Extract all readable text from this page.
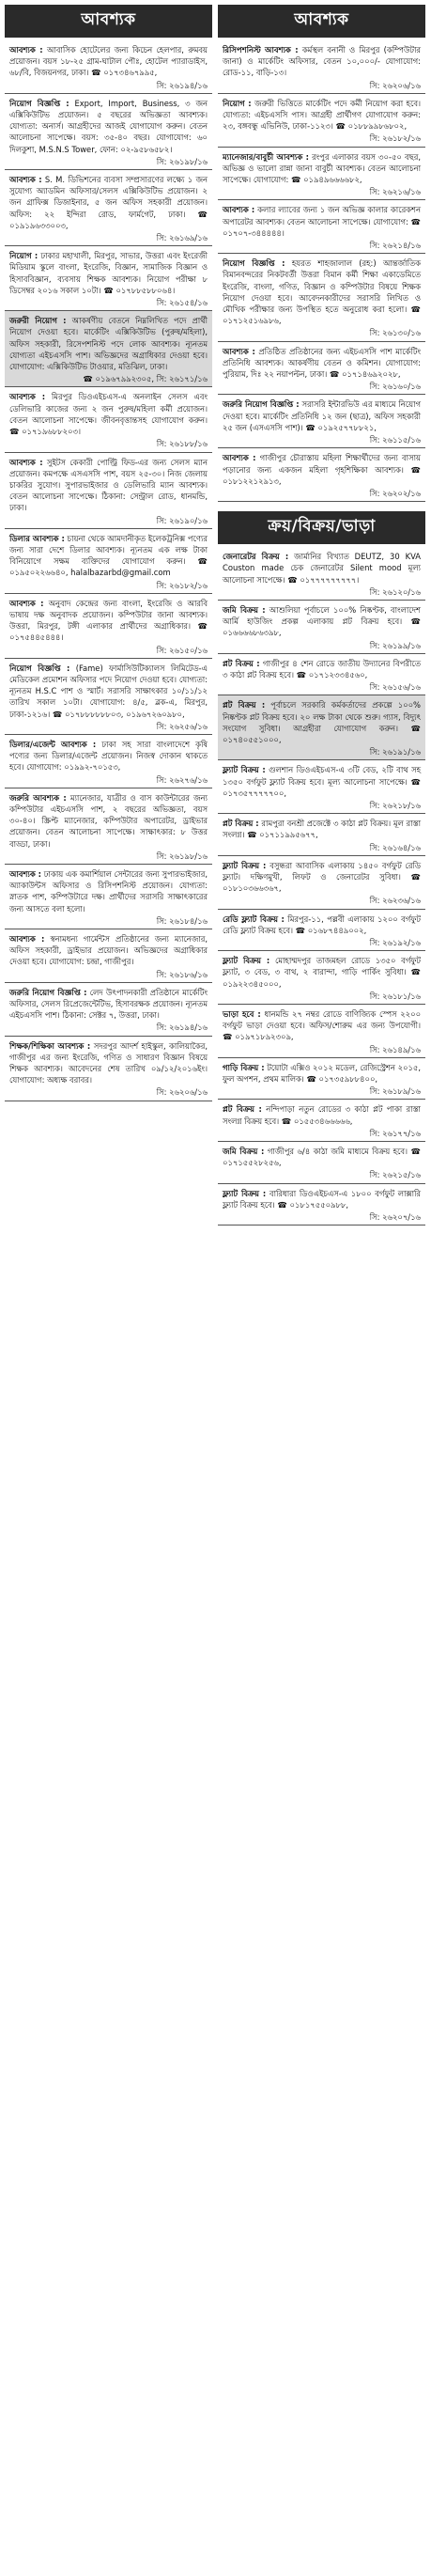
আবশ্যক
আবশ্যক : আবাসিক হোটেলের জন্য কিচেন হেলপার, রুমবয় প্রয়োজন। বয়স ১৮-২৫ গ্রাম-ঘাটাল পৌঃ, হোটেল প্যারাডাইস, ৬৮/বি, বিজয়নগর, ঢাকা। ☎ ০১৭৩৪৬৭৯৯৫,
সি: ২৬১৯৪/১৬
নিয়োগ বিজ্ঞপ্তি : Export, Import, Business, ৩ জন এক্সিকিউটিভ প্রয়োজন। ৫ বছরের অভিজ্ঞতা আবশ্যক। যোগ্যতা: অনার্স। আগ্রহীদের আজই যোগাযোগ করুন। বেতন আলোচনা সাপেক্ষে। বয়স: ৩৫-৪০ বছর। যোগাযোগ: ৬০ দিলকুশা, M.S.N.S Tower, ফোন: ০২-৯৫৮৬৫৮২।
সি: ২৬১৯৮/১৬
আবশ্যক : S. M. ডিভিশনের ব্যবসা সম্প্রসারণের লক্ষ্যে ১ জন সুযোগ্য অ্যাডমিন অফিসার/সেলস এক্সিকিউটিভ প্রয়োজন। ২ জন গ্রাফিক্স ডিজাইনার, ৫ জন অফিস সহকারী প্রয়োজন। অফিস: ২২ ইন্দিরা রোড, ফার্মগেট, ঢাকা। ☎ ০১৯১৯৬৩৩০০৩,
সি: ২৬১৬৯/১৬
নিয়োগ : ঢাকার মহাখালী, মিরপুর, সাভার, উত্তরা এবং ইংরেজী মিডিয়াম স্কুলে বাংলা, ইংরেজি, বিজ্ঞান, সামাজিক বিজ্ঞান ও হিসাববিজ্ঞান, ব্যবসায় শিক্ষক আবশ্যক। নিয়োগ পরীক্ষা ৮ ডিসেম্বর ২০১৬ সকাল ১০টা। ☎ ০১৭৮৮৫৮৮০৬৪।
সি: ২৬১৫৪/১৬
জরুরী নিয়োগ : আকর্ষণীয় বেতনে নিম্নলিখিত পদে প্রার্থী নিয়োগ দেওয়া হবে। মার্কেটিং এক্সিকিউটিভ (পুরুষ/মহিলা), অফিস সহকারী, রিসেপশনিস্ট পদে লোক আবশ্যক। ন্যূনতম যোগ্যতা এইচএসসি পাশ। অভিজ্ঞদের অগ্রাধিকার দেওয়া হবে। যোগাযোগ: এক্সিকিউটিভ টাওয়ার, মতিঝিল, ঢাকা।
☎ ০১৯৬৭৯৯২৩০৫, সি: ২৬১৭১/১৬
আবশ্যক : মিরপুর ডিওএইচএস-এ অনলাইন সেলস এবং ডেলিভারি কাজের জন্য ২ জন পুরুষ/মহিলা কর্মী প্রয়োজন। বেতন আলোচনা সাপেক্ষে। জীবনবৃত্তান্তসহ যোগাযোগ করুন। ☎ ০১৭১৯৬৮৮২০৩।
সি: ২৬১৮৮/১৬
আবশ্যক : সুইটস কেকারী পোল্ট্রি ফিড-এর জন্য সেলস ম্যান প্রয়োজন। কমপক্ষে এসএসসি পাশ, বয়স ২৫-৩০। নিজ জেলায় চাকরির সুযোগ। সুপারভাইজার ও ডেলিভারি ম্যান আবশ্যক। বেতন আলোচনা সাপেক্ষে। ঠিকানা: সেন্ট্রাল রোড, ধানমন্ডি, ঢাকা।
সি: ২৬১৯০/১৬
ডিলার আবশ্যক : চায়না থেকে আমদানীকৃত ইলেকট্রনিক্স পণ্যের জন্য সারা দেশে ডিলার আবশ্যক। ন্যূনতম এক লক্ষ টাকা বিনিয়োগে সক্ষম ব্যক্তিদের যোগাযোগ করুন। ☎ ০১৯৫০২২৬৬৪০, halalbazarbd@gmail.com
সি: ২৬১৮২/১৬
আবশ্যক : অনুবাদ কেন্দ্রের জন্য বাংলা, ইংরেজি ও আরবি ভাষায় দক্ষ অনুবাদক প্রয়োজন। কম্পিউটার জানা আবশ্যক। উত্তরা, মিরপুর, টঙ্গী এলাকার প্রার্থীদের অগ্রাধিকার। ☎ ০১৭৫৪৪৫৪৪৪।
সি: ২৬১৫০/১৬
নিয়োগ বিজ্ঞপ্তি : (Fame) ফার্মাসিউটিক্যালস লিমিটেড-এ মেডিকেল প্রমোশন অফিসার পদে নিয়োগ দেওয়া হবে। যোগ্যতা: ন্যূনতম H.S.C পাশ ও স্মার্ট। সরাসরি সাক্ষাৎকার ১০/১১/১২ তারিখ সকাল ১০টা। যোগাযোগ: ৪/৫, ব্লক-এ, মিরপুর, ঢাকা-১২১৬। ☎ ০১৭৮৮৮৮৮৮০৩, ০১৯৬৭২৬০৯৮০,
সি: ২৬২৫৬/১৬
ডিলার/এজেন্ট আবশ্যক : ঢাকা সহ সারা বাংলাদেশে কৃষি পণ্যের জন্য ডিলার/এজেন্ট প্রয়োজন। নিজস্ব দোকান থাকতে হবে। যোগাযোগ: ০১৯৯২-৭০১৫৩,
সি: ২৬২৭৬/১৬
জরুরি আবশ্যক : ম্যানেজার, যাত্রীর ও বাস কাউন্টারের জন্য কম্পিউটার এইচএসসি পাশ, ২ বছরের অভিজ্ঞতা, বয়স ৩০-৪০। স্ক্রিপ্ট ম্যানেজার, কম্পিউটার অপারেটর, ড্রাইভার প্রয়োজন। বেতন আলোচনা সাপেক্ষে। সাক্ষাৎকার: ৮ উত্তর বাড্ডা, ঢাকা।
সি: ২৬১৯৮/১৬
আবশ্যক : ঢাকায় এক কমার্শিয়াল সেন্টারের জন্য সুপারভাইজার, অ্যাকাউন্টস অফিসার ও রিসিপশনিস্ট প্রয়োজন। যোগ্যতা: স্নাতক পাশ, কম্পিউটারে দক্ষ। প্রার্থীদের সরাসরি সাক্ষাৎকারের জন্য আসতে বলা হলো।
সি: ২৬১৮৪/১৬
আবশ্যক : স্বনামধন্য গার্মেন্টস প্রতিষ্ঠানের জন্য ম্যানেজার, অফিস সহকারী, ড্রাইভার প্রয়োজন। অভিজ্ঞদের অগ্রাধিকার দেওয়া হবে। যোগাযোগ: চন্দ্রা, গাজীপুর।
সি: ২৬১৮৬/১৬
জরুরি নিয়োগ বিজ্ঞপ্তি : লেদ উৎপাদনকারী প্রতিষ্ঠানে মার্কেটিং অফিসার, সেলস রিপ্রেজেন্টেটিভ, হিসাবরক্ষক প্রয়োজন। ন্যূনতম এইচএসসি পাশ। ঠিকানা: সেক্টর ৭, উত্তরা, ঢাকা।
সি: ২৬১৯৪/১৬
শিক্ষক/শিক্ষিকা আবশ্যক : সদরপুর আদর্শ হাইস্কুল, কালিয়াকৈর, গাজীপুর এর জন্য ইংরেজি, গণিত ও সাধারণ বিজ্ঞান বিষয়ে শিক্ষক আবশ্যক। আবেদনের শেষ তারিখ ০৯/১২/২০১৬ইং। যোগাযোগ: অধ্যক্ষ বরাবর।
সি: ২৬২০৬/১৬
আবশ্যক
রিসিপশনিস্ট আবশ্যক : কর্মস্থল বনানী ও মিরপুর (কম্পিউটার জানা) ও মার্কেটিং অফিসার, বেতন ১০,০০০/- যোগাযোগ: রোড-১১, বাড়ি-১৩।
সি: ২৬২০৬/১৬
নিয়োগ : জরুরী ভিত্তিতে মার্কেটিং পদে কর্মী নিয়োগ করা হবে। যোগ্যতা: এইচএসসি পাস। আগ্রহী প্রার্থীগণ যোগাযোগ করুন: ২৩, বঙ্গবন্ধু এভিনিউ, ঢাকা-১১২৩। ☎ ০১৮৮৯৯৮৬৮০২,
সি: ২৬১৮২/১৬
ম্যানেজার/বাবুর্চী আবশ্যক : রংপুর এলাকার বয়স ৩০-৫০ বছর, অভিজ্ঞ ও ভালো রান্না জানা বাবুর্চী আবশ্যক। বেতন আলোচনা সাপেক্ষে। যোগাযোগ: ☎ ০১৯৪৯৬৬৬৬৮২,
সি: ২৬২১৬/১৬
আবশ্যক : কলার ল্যাবের জন্য ১ জন অভিজ্ঞ কালার কারেকশন অপারেটর আবশ্যক। বেতন আলোচনা সাপেক্ষে। যোগাযোগ: ☎ ০১৭০৭-৩৪৪৪৪৪।
সি: ২৬২১৪/১৬
নিয়োগ বিজ্ঞপ্তি : হযরত শাহজালাল (রহ:) আন্তর্জাতিক বিমানবন্দরের নিকটবর্তী উত্তরা বিমান কর্মী শিক্ষা একাডেমিতে ইংরেজি, বাংলা, গণিত, বিজ্ঞান ও কম্পিউটার বিষয়ে শিক্ষক নিয়োগ দেওয়া হবে। আবেদনকারীদের সরাসরি লিখিত ও মৌখিক পরীক্ষার জন্য উপস্থিত হতে অনুরোধ করা হলো। ☎ ০১৭১২৫১৬৯৮৬,
সি: ২৬১৩০/১৬
আবশ্যক : প্রতিষ্ঠিত প্রতিষ্ঠানের জন্য এইচএসসি পাশ মার্কেটিং প্রতিনিধি আবশ্যক। আকর্ষণীয় বেতন ও কমিশন। যোগাযোগ: পুরিয়াম, দিঃ ২২ নয়াপল্টন, ঢাকা। ☎ ০১৭১৪৬৯২০২৮,
সি: ২৬১৬০/১৬
জরুরি নিয়োগ বিজ্ঞপ্তি : সরাসরি ইন্টারভিউ এর মাধ্যমে নিয়োগ দেওয়া হবে। মার্কেটিং প্রতিনিধি ১২ জন (ছাত্র), অফিস সহকারী ২৫ জন (এসএসসি পাশ)। ☎ ০১৯২৫৭৭৮৮২১,
সি: ২৬১১৫/১৬
আবশ্যক : গাজীপুর চৌরাস্তায় মহিলা শিক্ষার্থীদের জন্য বাসায় পড়ানোর জন্য একজন মহিলা গৃহশিক্ষিকা আবশ্যক। ☎ ০১৮১২২১২৯১৩,
সি: ২৬২০২/১৬
ক্রয়/বিক্রয়/ভাড়া
জেনারেটর বিক্রয় : জার্মানির বিখ্যাত DEUTZ, 30 KVA Couston made চেক জেনারেটর Silent mood মূল্য আলোচনা সাপেক্ষে। ☎ ০১৭৭৭৭৭৭৭৭৭।
সি: ২৬১২০/১৬
জমি বিক্রয় : আশুলিয়া পূর্বাচলে ১০০% নিষ্কণ্টক, বাংলাদেশ আর্মি হাউজিং প্রকল্প এলাকায় প্লট বিক্রয় হবে। ☎ ০১৬৬৬৬৮৬৩৯৮,
সি: ২৬১৯৯/১৬
প্লট বিক্রয় : গাজীপুর ৪ শেন রোডে জাতীয় উদ্যানের বিপরীতে ৩ কাঠা প্লট বিক্রয় হবে। ☎ ০১৭১২৩৩৪৫৬০,
সি: ২৬১৫৬/১৬
প্লট বিক্রয় : পূর্বাচলে সরকারি কর্মকর্তাদের প্রকল্পে ১০০% নিষ্কণ্টক প্লট বিক্রয় হবে। ২০ লক্ষ টাকা থেকে শুরু। গ্যাস, বিদ্যুৎ সংযোগ সুবিধা। আগ্রহীরা যোগাযোগ করুন। ☎ ০১৭৪০৫৫১০০০,
সি: ২৬১৯১/১৬
ফ্ল্যাট বিক্রয় : গুলশান ডিওএইচএস-এ ৩টি বেড, ২টি বাথ সহ ১৩৫০ বর্গফুট ফ্ল্যাট বিক্রয় হবে। মূল্য আলোচনা সাপেক্ষে। ☎ ০১৭৩৫৭৭৭৭৭০০,
সি: ২৬২১৮/১৬
প্লট বিক্রয় : রামপুরা বনশ্রী প্রজেক্টে ৩ কাঠা প্লট বিক্রয়। মূল রাস্তা সংলগ্ন। ☎ ০১৭১১৯৯৫৬৭৭,
সি: ২৬১৬৪/১৬
ফ্ল্যাট বিক্রয় : বসুন্ধরা আবাসিক এলাকায় ১৪৫০ বর্গফুট রেডি ফ্ল্যাট। দক্ষিণমুখী, লিফট ও জেনারেটর সুবিধা। ☎ ০১৮১০৩৬৬৩৬৭,
সি: ২৬২৩৬/১৬
রেডি ফ্ল্যাট বিক্রয় : মিরপুর-১১, পল্লবী এলাকায় ১২০০ বর্গফুট রেডি ফ্ল্যাট বিক্রয় হবে। ☎ ০১৬৮৭৪৪৯০০২,
সি: ২৬১৯২/১৬
ফ্ল্যাট বিক্রয় : মোহাম্মদপুর তাজমহল রোডে ১৩৫০ বর্গফুট ফ্ল্যাট, ৩ বেড, ৩ বাথ, ২ বারান্দা, গাড়ি পার্কিং সুবিধা। ☎ ০১৯২২৩৪৫০০০,
সি: ২৬১৮১/১৬
ভাড়া হবে : ধানমন্ডি ২৭ নম্বর রোডে বাণিজ্যিক স্পেস ২২০০ বর্গফুট ভাড়া দেওয়া হবে। অফিস/শোরুম এর জন্য উপযোগী। ☎ ০১৯৭১৮৯২৩০৯,
সি: ২৬১৪৯/১৬
গাড়ি বিক্রয় : টয়োটা এক্সিও ২০১২ মডেল, রেজিস্ট্রেশন ২০১৫, ফুল অপশন, প্রথম মালিক। ☎ ০১৭৩৫৯৮৮৪০০,
সি: ২৬১৮৯/১৬
প্লট বিক্রয় : নন্দিপাড়া নতুন রোডের ৩ কাঠা প্লট পাকা রাস্তা সংলগ্ন বিক্রয় হবে। ☎ ০১৫৫৩৪৬৬৬৬৬,
সি: ২৬১৭৭/১৬
জমি বিক্রয় : গাজীপুর ৬/৪ কাঠা জমি মাধ্যমে বিক্রয় হবে। ☎ ০১৭১৫৫২৮২৫৬,
সি: ২৬২১৫/১৬
ফ্ল্যাট বিক্রয় : বারিধারা ডিওএইচএস-এ ১৮০০ বর্গফুট লাক্সারি ফ্ল্যাট বিক্রয় হবে। ☎ ০১৮১৭৫৫০৯৮৮,
সি: ২৬২০৭/১৬
